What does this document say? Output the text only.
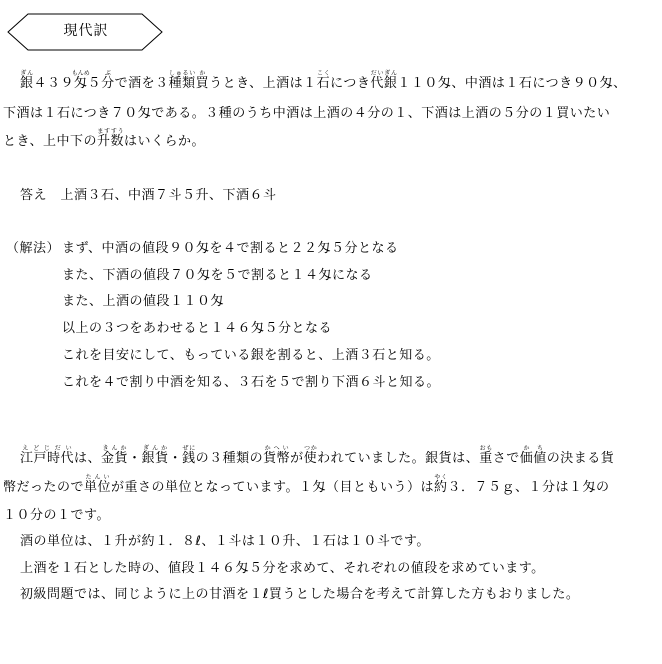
現代訳
銀ぎん４３９匁もんめ５分ぶで酒を３種類しゅるい買かうとき、上酒は１石こくにつき代銀だいぎん１１０匁、中酒は１石につき９０匁、
下酒は１石につき７０匁である。３種のうち中酒は上酒の４分の１、下酒は上酒の５分の１買いたい
とき、上中下の升数ますすうはいくらか。
答え　上酒３石、中酒７斗５升、下酒６斗
（解法） まず、中酒の値段９０匁を４で割ると２２匁５分となる
また、下酒の値段７０匁を５で割ると１４匁になる
また、上酒の値段１１０匁
以上の３つをあわせると１４６匁５分となる
これを目安にして、もっている銀を割ると、上酒３石と知る。
これを４で割り中酒を知る、３石を５で割り下酒６斗と知る。
江戸時代えどじだいは、金貨きんか・銀貨ぎんか・銭ぜにの３種類の貨幣かへいが使つかわれていました。銀貨は、重おもさで価値かちの決まる貨
幣だったので単位たんいが重さの単位となっています。１匁（目ともいう）は約やく３．７５ｇ、１分は１匁の
１０分の１です。
酒の単位は、１升が約１．８ℓ、１斗は１０升、１石は１０斗です。
上酒を１石とした時の、値段１４６匁５分を求めて、それぞれの値段を求めています。
初級問題では、同じように上の甘酒を１ℓ買うとした場合を考えて計算した方もおりました。
